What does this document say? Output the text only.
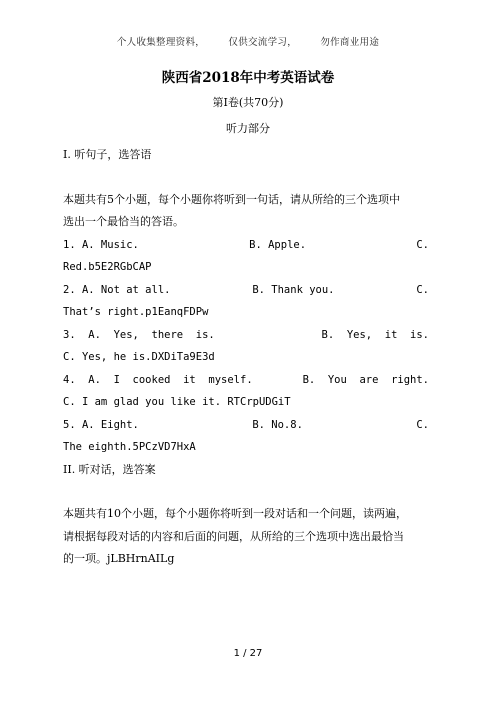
个人收集整理资料， 仅供交流学习， 勿作商业用途
陕西省2018年中考英语试卷
第I卷(共70分)
听力部分
I. 听句子，选答语
本题共有5个小题，每个小题你将听到一句话，请从所给的三个选项中
选出一个最恰当的答语。
1. A. Music.	B. Apple.	C.
Red.b5E2RGbCAP
2. A. Not at all.	B. Thank you.	C.
That’s right.p1EanqFDPw
3.  A.  Yes,  there  is.	B.  Yes,  it  is.
C. Yes, he is.DXDiTa9E3d
4.  A.  I  cooked  it  myself.	B.  You  are  right.
C. I am glad you like it. RTCrpUDGiT
5. A. Eight.	B. No.8.	C.
The eighth.5PCzVD7HxA
II. 听对话，选答案
本题共有10个小题，每个小题你将听到一段对话和一个问题，读两遍，
请根据每段对话的内容和后面的问题，从所给的三个选项中选出最恰当
的一项。jLBHrnAILg
1 / 27
